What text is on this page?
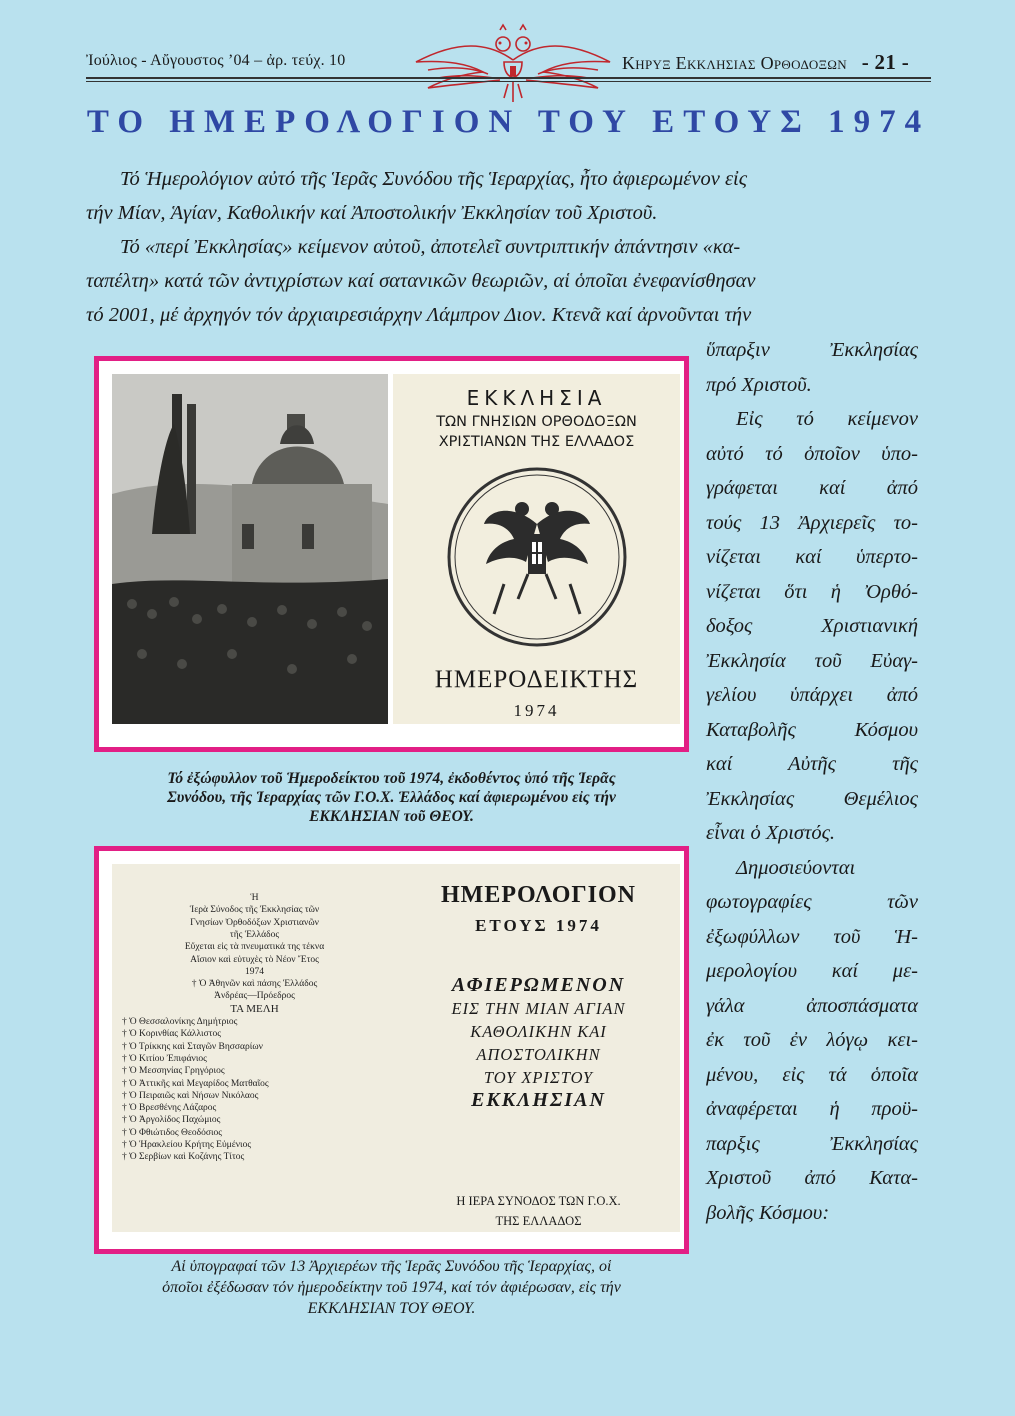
Ἰούλιος - Αὔγουστος ’04 – ἀρ. τεύχ. 10	Κηρυξ Εκκλησιας Ορθοδοξων - 21 -
ΤΟ ΗΜΕΡΟΛΟΓΙΟΝ ΤΟΥ ΕΤΟΥΣ 1974

Τό Ἡμερολόγιον αὐτό τῆς Ἱερᾶς Συνόδου τῆς Ἱεραρχίας, ἦτο ἀφιερωμένον εἰς

τήν Μίαν, Ἁγίαν, Καθολικήν καί Ἀποστολικήν Ἐκκλησίαν τοῦ Χριστοῦ.

Τό «περί Ἐκκλησίας» κείμενον αὐτοῦ, ἀποτελεῖ συντριπτικήν ἀπάντησιν «κα-

ταπέλτη» κατά τῶν ἀντιχρίστων καί σατανικῶν θεωριῶν, αἱ ὁποῖαι ἐνεφανίσθησαν

τό 2001, μέ ἀρχηγόν τόν ἀρχιαιρεσιάρχην Λάμπρον Διον. Κτενᾶ καί ἀρνοῦνται τήν

ὕπαρξιν Ἐκκλησίας
πρό Χριστοῦ.
Εἰς τό κείμενον
αὐτό τό ὁποῖον ὑπο-
γράφεται καί ἀπό
τούς 13 Ἀρχιερεῖς το-
νίζεται καί ὑπερτο-
νίζεται ὅτι ἡ Ὀρθό-
δοξος Χριστιανική
Ἐκκλησία τοῦ Εὐαγ-
γελίου ὑπάρχει ἀπό
Καταβολῆς Κόσμου
καί Αὐτῆς τῆς
Ἐκκλησίας Θεμέλιος
εἶναι ὁ Χριστός.
Δημοσιεύονται
φωτογραφίες τῶν
ἐξωφύλλων τοῦ Ἡ-
μερολογίου καί με-
γάλα ἀποσπάσματα
ἐκ τοῦ ἐν λόγῳ κει-
μένου, εἰς τά ὁποῖα
ἀναφέρεται ἡ προϋ-
παρξις Ἐκκλησίας
Χριστοῦ ἀπό Κατα-
βολῆς Κόσμου:
ΕΚΚΛΗΣΙΑ
ΤΩΝ ΓΝΗΣΙΩΝ ΟΡΘΟΔΟΞΩΝ
ΧΡΙΣΤΙΑΝΩΝ ΤΗΣ ΕΛΛΑΔΟΣ
ΗΜΕΡΟΔΕΙΚΤΗΣ
1974
Τό ἐξώφυλλον τοῦ Ἡμεροδείκτου τοῦ 1974, ἐκδοθέντος ὑπό τῆς Ἱερᾶς
Συνόδου, τῆς Ἱεραρχίας τῶν Γ.Ο.Χ. Ἑλλάδος καί ἀφιερωμένου εἰς τήν
ΕΚΚΛΗΣΙΑΝ τοῦ ΘΕΟΥ.
Ἡ
Ἱερὰ Σύνοδος τῆς Ἐκκλησίας τῶν
Γνησίων Ὀρθοδόξων Χριστιανῶν
τῆς Ἑλλάδος
Εὔχεται εἰς τὰ πνευματικά της τέκνα
Αἴσιον καὶ εὐτυχὲς τὸ Νέον Ἔτος
1974
† Ὁ Ἀθηνῶν καὶ πάσης Ἑλλάδος
Ἀνδρέας—Πρόεδρος
ΤΑ ΜΕΛΗ
† Ὁ Θεσσαλονίκης Δημήτριος
† Ὁ Κορινθίας Κάλλιστος
† Ὁ Τρίκκης καὶ Σταγῶν Βησσαρίων
† Ὁ Κιτίου Ἐπιφάνιος
† Ὁ Μεσσηνίας Γρηγόριος
† Ὁ Ἀττικῆς καὶ Μεγαρίδος Ματθαῖος
† Ὁ Πειραιῶς καὶ Νήσων Νικόλαος
† Ὁ Βρεσθένης Λάζαρος
† Ὁ Ἀργολίδος Παχώμιος
† Ὁ Φθιώτιδος Θεοδόσιος
† Ὁ Ἡρακλείου Κρήτης Εὐμένιος
† Ὁ Σερβίων καὶ Κοζάνης Τίτος
ΗΜΕΡΟΛΟΓΙΟΝ
ΕΤΟΥΣ 1974
ΑΦΙΕΡΩΜΕΝΟΝ
ΕΙΣ ΤΗΝ ΜΙΑΝ ΑΓΙΑΝ
ΚΑΘΟΛΙΚΗΝ ΚΑΙ
ΑΠΟΣΤΟΛΙΚΗΝ
ΤΟΥ ΧΡΙΣΤΟΥ
ΕΚΚΛΗΣΙΑΝ
Η ΙΕΡΑ ΣΥΝΟΔΟΣ ΤΩΝ Γ.Ο.Χ.
ΤΗΣ ΕΛΛΑΔΟΣ
Αἱ ὑπογραφαί τῶν 13 Ἀρχιερέων τῆς Ἱερᾶς Συνόδου τῆς Ἱεραρχίας, οἱ
ὁποῖοι ἐξέδωσαν τόν ἡμεροδείκτην τοῦ 1974, καί τόν ἀφιέρωσαν, εἰς τήν
ΕΚΚΛΗΣΙΑΝ ΤΟΥ ΘΕΟΥ.
